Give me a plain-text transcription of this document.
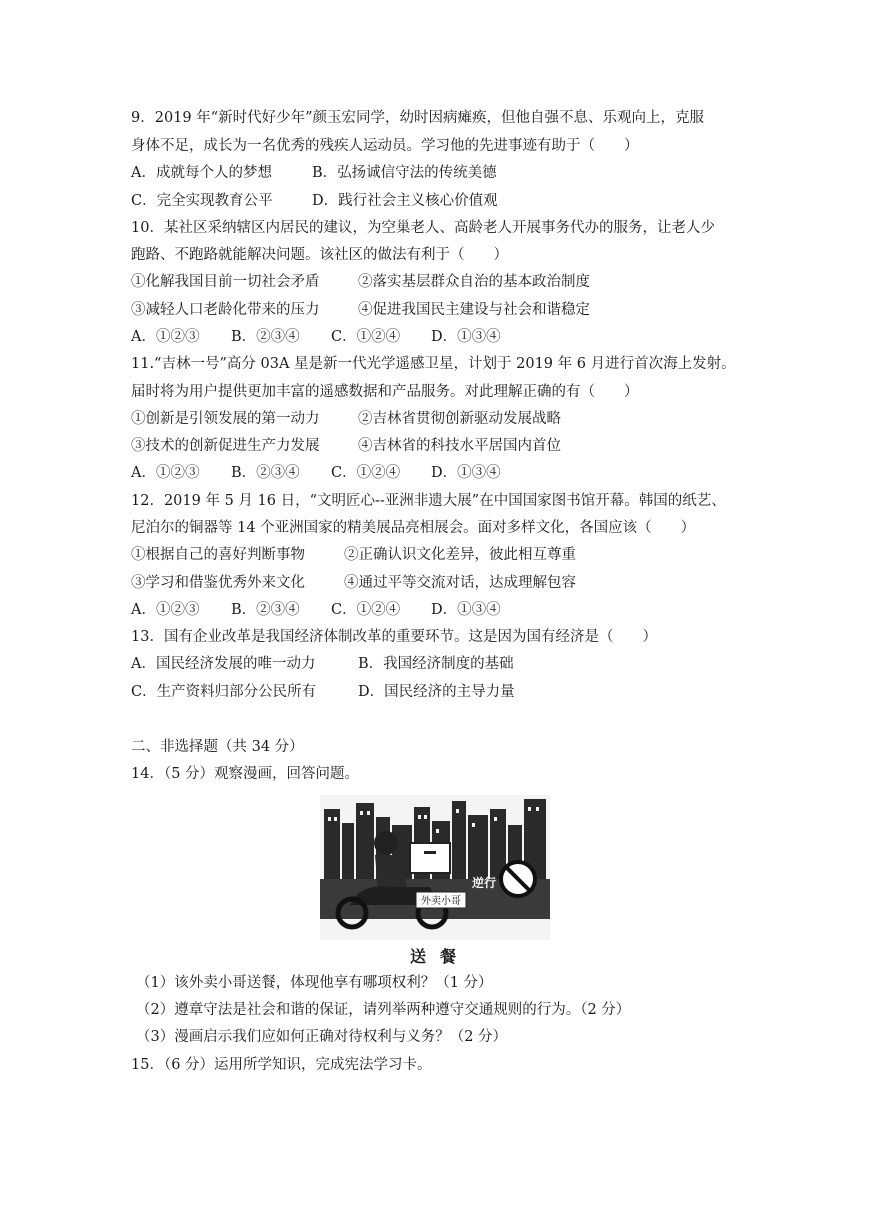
9．2019 年“新时代好少年”颜玉宏同学，幼时因病瘫痪，但他自强不息、乐观向上，克服
身体不足，成长为一名优秀的残疾人运动员。学习他的先进事迹有助于（　　）
A．成就每个人的梦想	B．弘扬诚信守法的传统美德
C．完全实现教育公平	D．践行社会主义核心价值观
10．某社区采纳辖区内居民的建议，为空巢老人、高龄老人开展事务代办的服务，让老人少
跑路、不跑路就能解决问题。该社区的做法有利于（　　）
①化解我国目前一切社会矛盾	②落实基层群众自治的基本政治制度
③减轻人口老龄化带来的压力	④促进我国民主建设与社会和谐稳定
A．①②③ B．②③④ C．①②④ D．①③④
11.“吉林一号”高分 03A 星是新一代光学遥感卫星，计划于 2019 年 6 月进行首次海上发射。
届时将为用户提供更加丰富的遥感数据和产品服务。对此理解正确的有（　　）
①创新是引领发展的第一动力	②吉林省贯彻创新驱动发展战略
③技术的创新促进生产力发展	④吉林省的科技水平居国内首位
A．①②③ B．②③④ C．①②④ D．①③④
12．2019 年 5 月 16 日，“文明匠心--亚洲非遗大展”在中国国家图书馆开幕。韩国的纸艺、
尼泊尔的铜器等 14 个亚洲国家的精美展品亮相展会。面对多样文化，各国应该（　　）
①根据自己的喜好判断事物	②正确认识文化差异，彼此相互尊重
③学习和借鉴优秀外来文化	④通过平等交流对话，达成理解包容
A．①②③ B．②③④ C．①②④ D．①③④
13．国有企业改革是我国经济体制改革的重要环节。这是因为国有经济是（　　）
A．国民经济发展的唯一动力	B．我国经济制度的基础
C．生产资料归部分公民所有	D．国民经济的主导力量
二、非选择题（共 34 分）
14．（5 分）观察漫画，回答问题。
外卖小哥
逆行
送餐
（1）该外卖小哥送餐，体现他享有哪项权利？（1 分）
（2）遵章守法是社会和谐的保证，请列举两种遵守交通规则的行为。（2 分）
（3）漫画启示我们应如何正确对待权利与义务？（2 分）
15．（6 分）运用所学知识，完成宪法学习卡。
